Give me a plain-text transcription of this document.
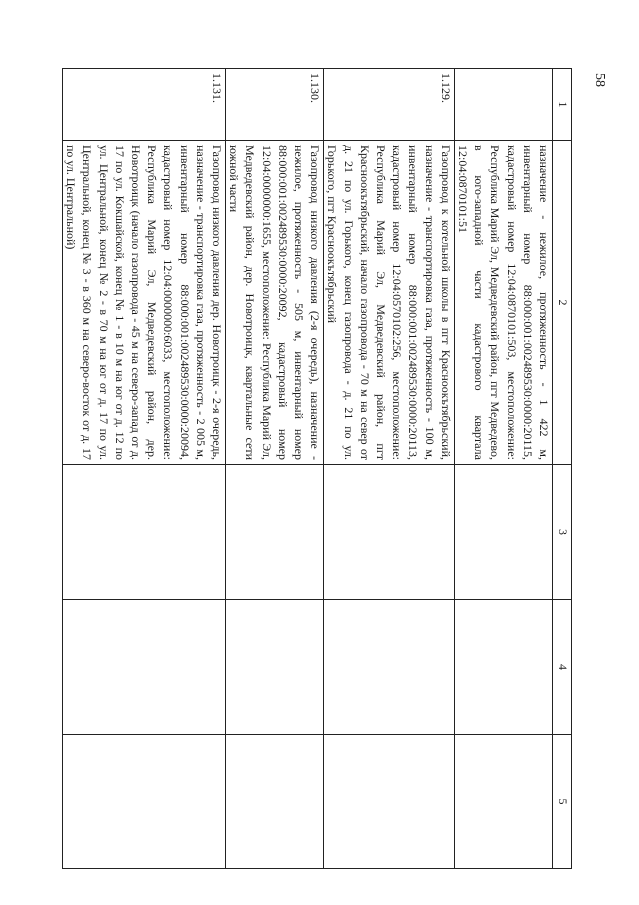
58
1	2	3	4	5
	назначение - нежилое, протяженность - 1 422 м, инвентарный номер 88:000:001:002489530:0000:20115, кадастровый номер 12:04:0870101:503, местоположение: Республика Марий Эл, Медведевский район, пгт Медведево, в юго-западной части кадастрового квартала 12:04:0870101:51			
1.129.	Газопровод к котельной школы в пгт Красноокътябрьский, назначение - транспортировка газа, протяженность - 100 м, инвентарный номер 88:000:001:002489530:0000:20113, кадастровый номер 12:04:0570102:256, местоположение: Республика Марий Эл, Медведевский район, пгт Красноокътябрьский, начало газопровода - 70 м на север от д. 21 по ул. Горького, конец газопровода - д. 21 по ул. Горького, пгт Красноокътябрьский			
1.130.	Газопровод низкого давления (2-я очередь), назначение - нежилое, протяженность - 505 м, инвентарный номер 88:000:001:002489530:0000:20092, кадастровый номер 12:04:0000000:1655, местоположение: Республика Марий Эл, Медведевский район, дер. Новотроицк, квартальные сети южной части			
1.131.	Газопровод низкого давления дер. Новотроицк - 2-я очередь, назначение - транспортировка газа, протяженность - 2 005 м, инвентарный номер 88:000:001:002489530:0000:20094, кадастровый номер 12:04:0000000:6033, местоположение: Республика Марий Эл, Медведевский район, дер. Новотроицк (начало газопровода - 45 м на северо-запад от д. 17 по ул. Кокшайской, конец № 1 - в 10 м на юг от д. 12 по ул. Центральной, конец № 2 - в 70 м на юг от д. 17 по ул. Центральной, конец № 3 - в 360 м на северо-восток от д. 17 по ул. Центральной)			
